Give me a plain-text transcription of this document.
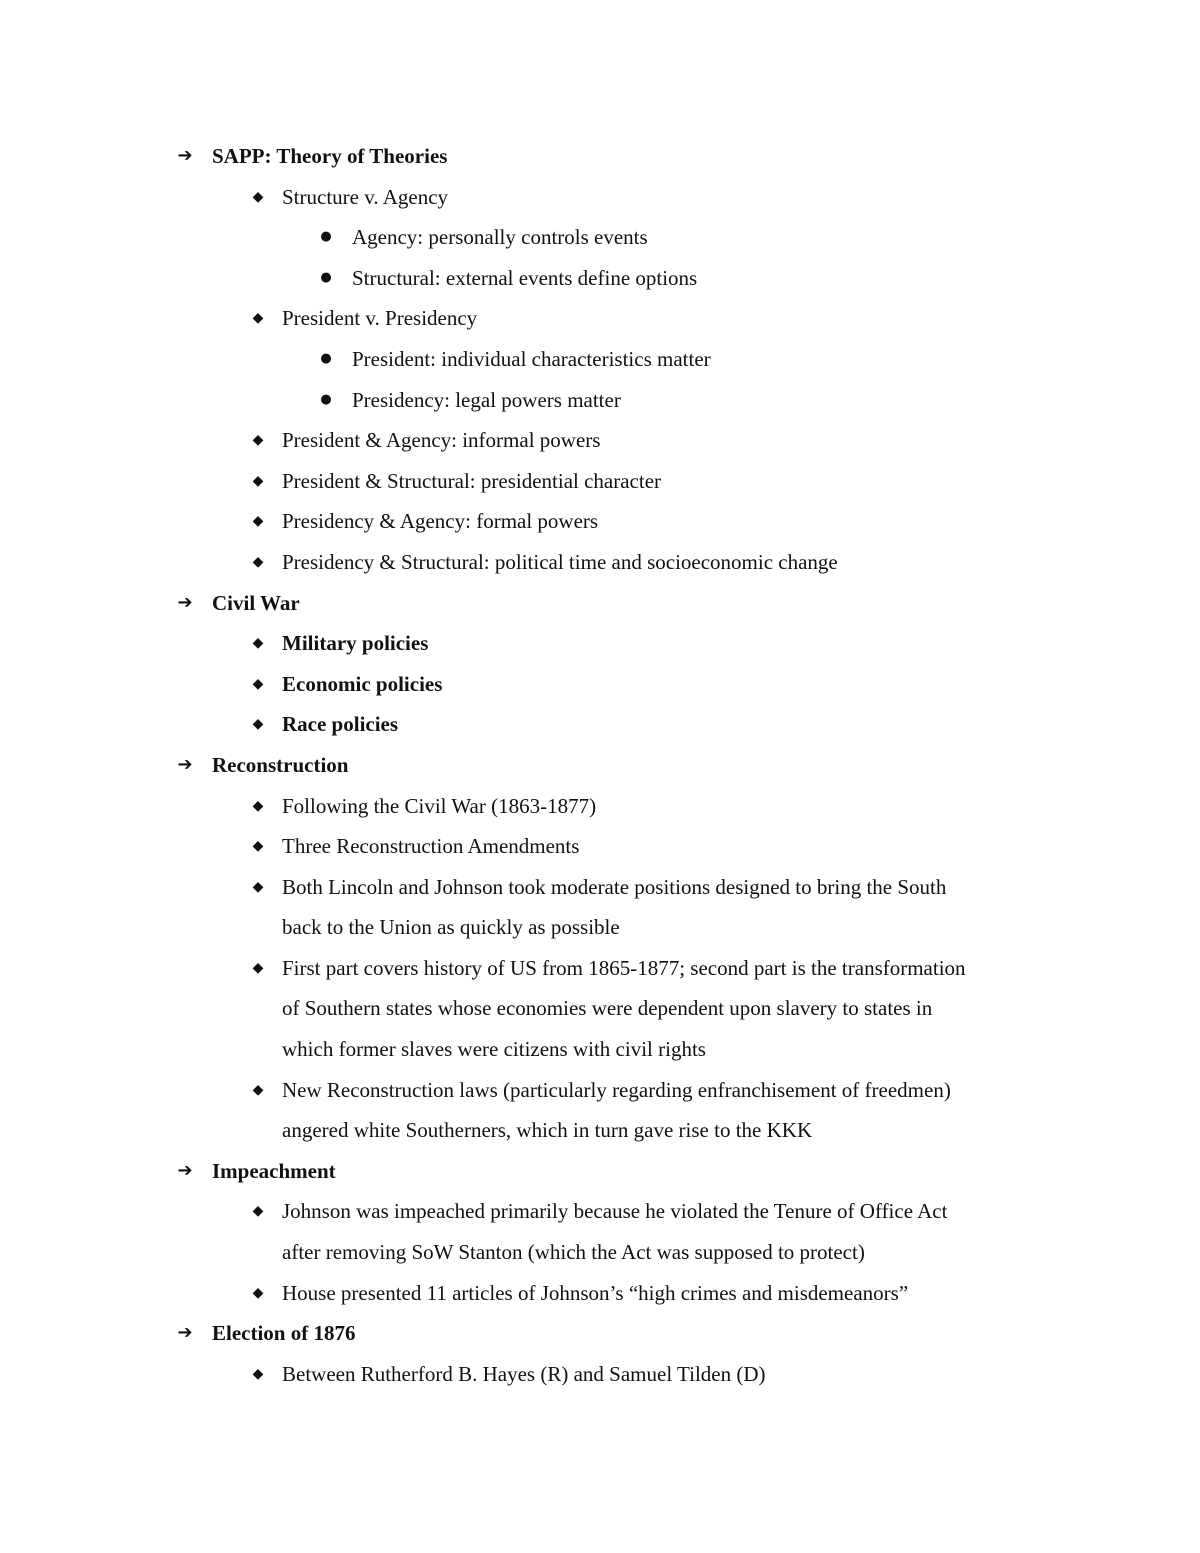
➔ SAPP: Theory of Theories
◆ Structure v. Agency
● Agency: personally controls events
● Structural: external events define options
◆ President v. Presidency
● President: individual characteristics matter
● Presidency: legal powers matter
◆ President & Agency: informal powers
◆ President & Structural: presidential character
◆ Presidency & Agency: formal powers
◆ Presidency & Structural: political time and socioeconomic change
➔ Civil War
◆ Military policies
◆ Economic policies
◆ Race policies
➔ Reconstruction
◆ Following the Civil War (1863-1877)
◆ Three Reconstruction Amendments
◆ Both Lincoln and Johnson took moderate positions designed to bring the South
back to the Union as quickly as possible
◆ First part covers history of US from 1865-1877; second part is the transformation
of Southern states whose economies were dependent upon slavery to states in
which former slaves were citizens with civil rights
◆ New Reconstruction laws (particularly regarding enfranchisement of freedmen)
angered white Southerners, which in turn gave rise to the KKK
➔ Impeachment
◆ Johnson was impeached primarily because he violated the Tenure of Office Act
after removing SoW Stanton (which the Act was supposed to protect)
◆ House presented 11 articles of Johnson’s “high crimes and misdemeanors”
➔ Election of 1876
◆ Between Rutherford B. Hayes (R) and Samuel Tilden (D)
